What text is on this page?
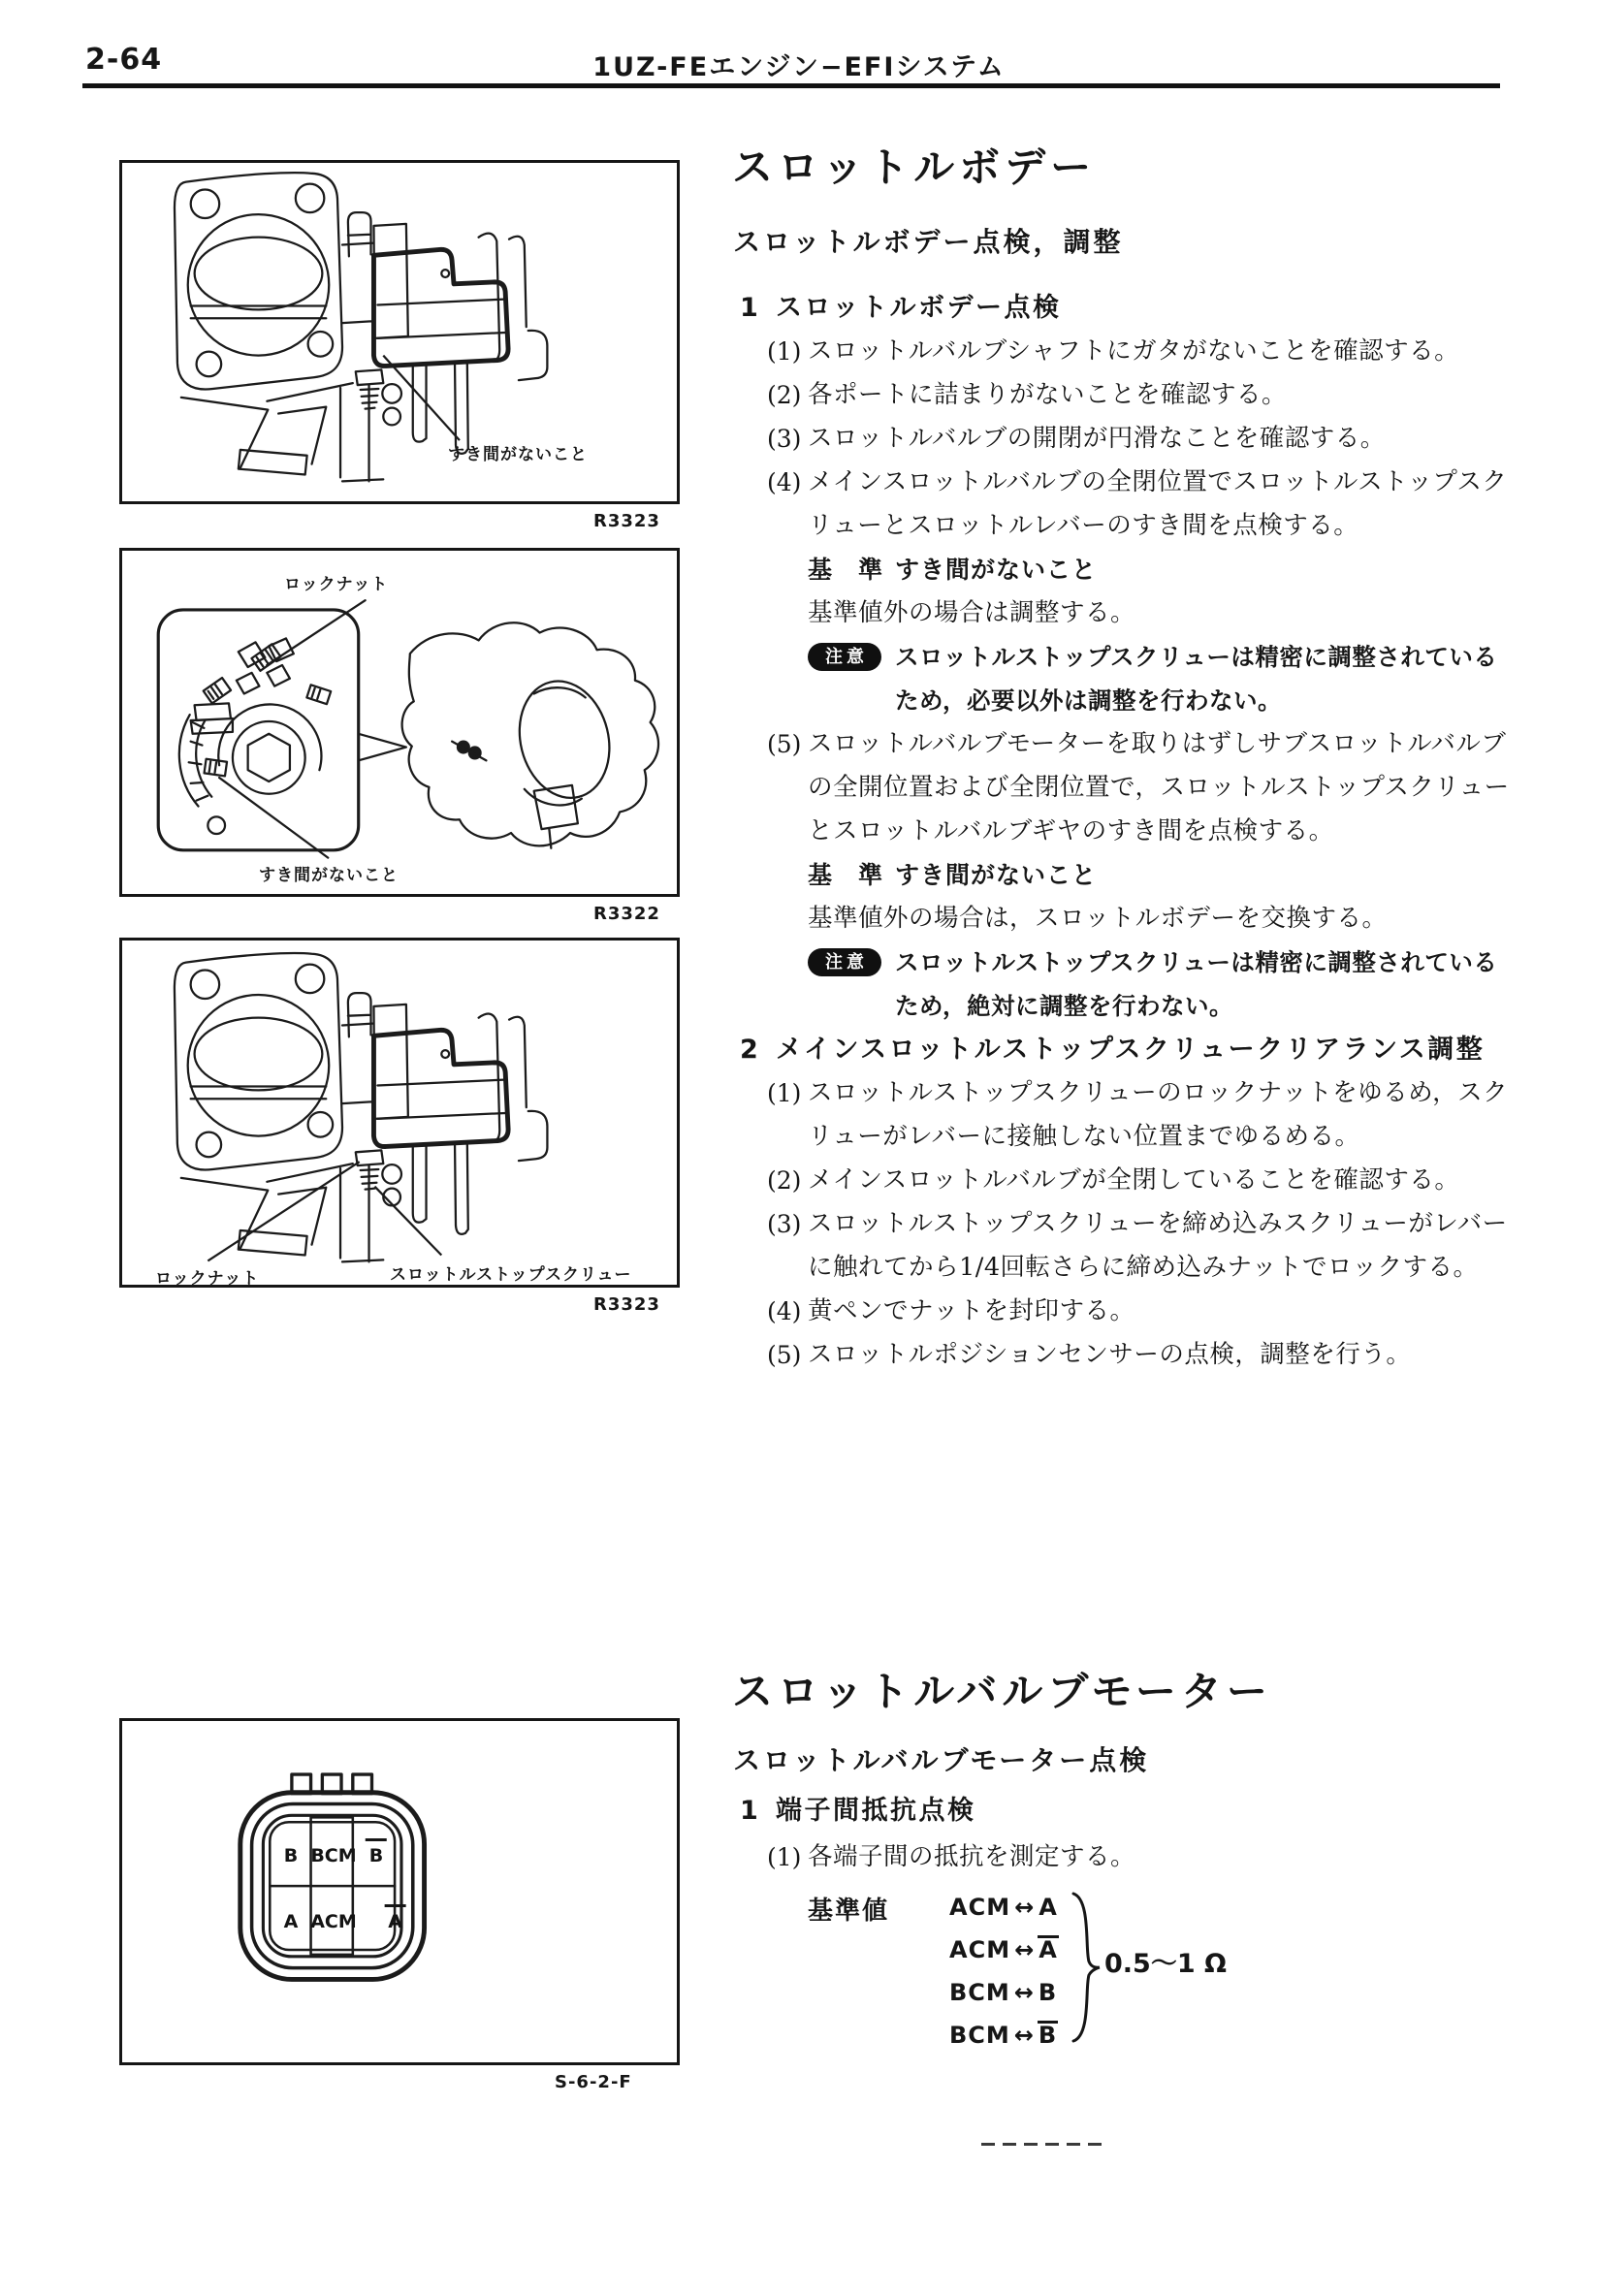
2-64	1UZ-FEエンジン−EFIシステム
すき間がないこと
R3323
ロックナット
すき間がないこと
R3322
ロックナット	スロットルストップスクリュー
R3323
B BCM B
A ACM A
S-6-2-F
スロットルボデー
スロットルボデー点検，調整
1 スロットルボデー点検
(1) スロットルバルブシャフトにガタがないことを確認する。
(2) 各ポートに詰まりがないことを確認する。
(3) スロットルバルブの開閉が円滑なことを確認する。
(4) メインスロットルバルブの全閉位置でスロットルストップスク
リューとスロットルレバーのすき間を点検する。
基　準 すき間がないこと
基準値外の場合は調整する。
注意	スロットルストップスクリューは精密に調整されている
ため，必要以外は調整を行わない。
(5) スロットルバルブモーターを取りはずしサブスロットルバルブ
の全開位置および全閉位置で，スロットルストップスクリュー
とスロットルバルブギヤのすき間を点検する。
基　準 すき間がないこと
基準値外の場合は，スロットルボデーを交換する。
注意	スロットルストップスクリューは精密に調整されている
ため，絶対に調整を行わない。
2 メインスロットルストップスクリュークリアランス調整
(1) スロットルストップスクリューのロックナットをゆるめ，スク
リューがレバーに接触しない位置までゆるめる。
(2) メインスロットルバルブが全閉していることを確認する。
(3) スロットルストップスクリューを締め込みスクリューがレバー
に触れてから1/4回転さらに締め込みナットでロックする。
(4) 黄ペンでナットを封印する。
(5) スロットルポジションセンサーの点検，調整を行う。
スロットルバルブモーター
スロットルバルブモーター点検
1 端子間抵抗点検
(1) 各端子間の抵抗を測定する。
基準値	ACM ↔ A
ACM ↔ A
BCM ↔ B
BCM ↔ B
0.5～1 Ω
